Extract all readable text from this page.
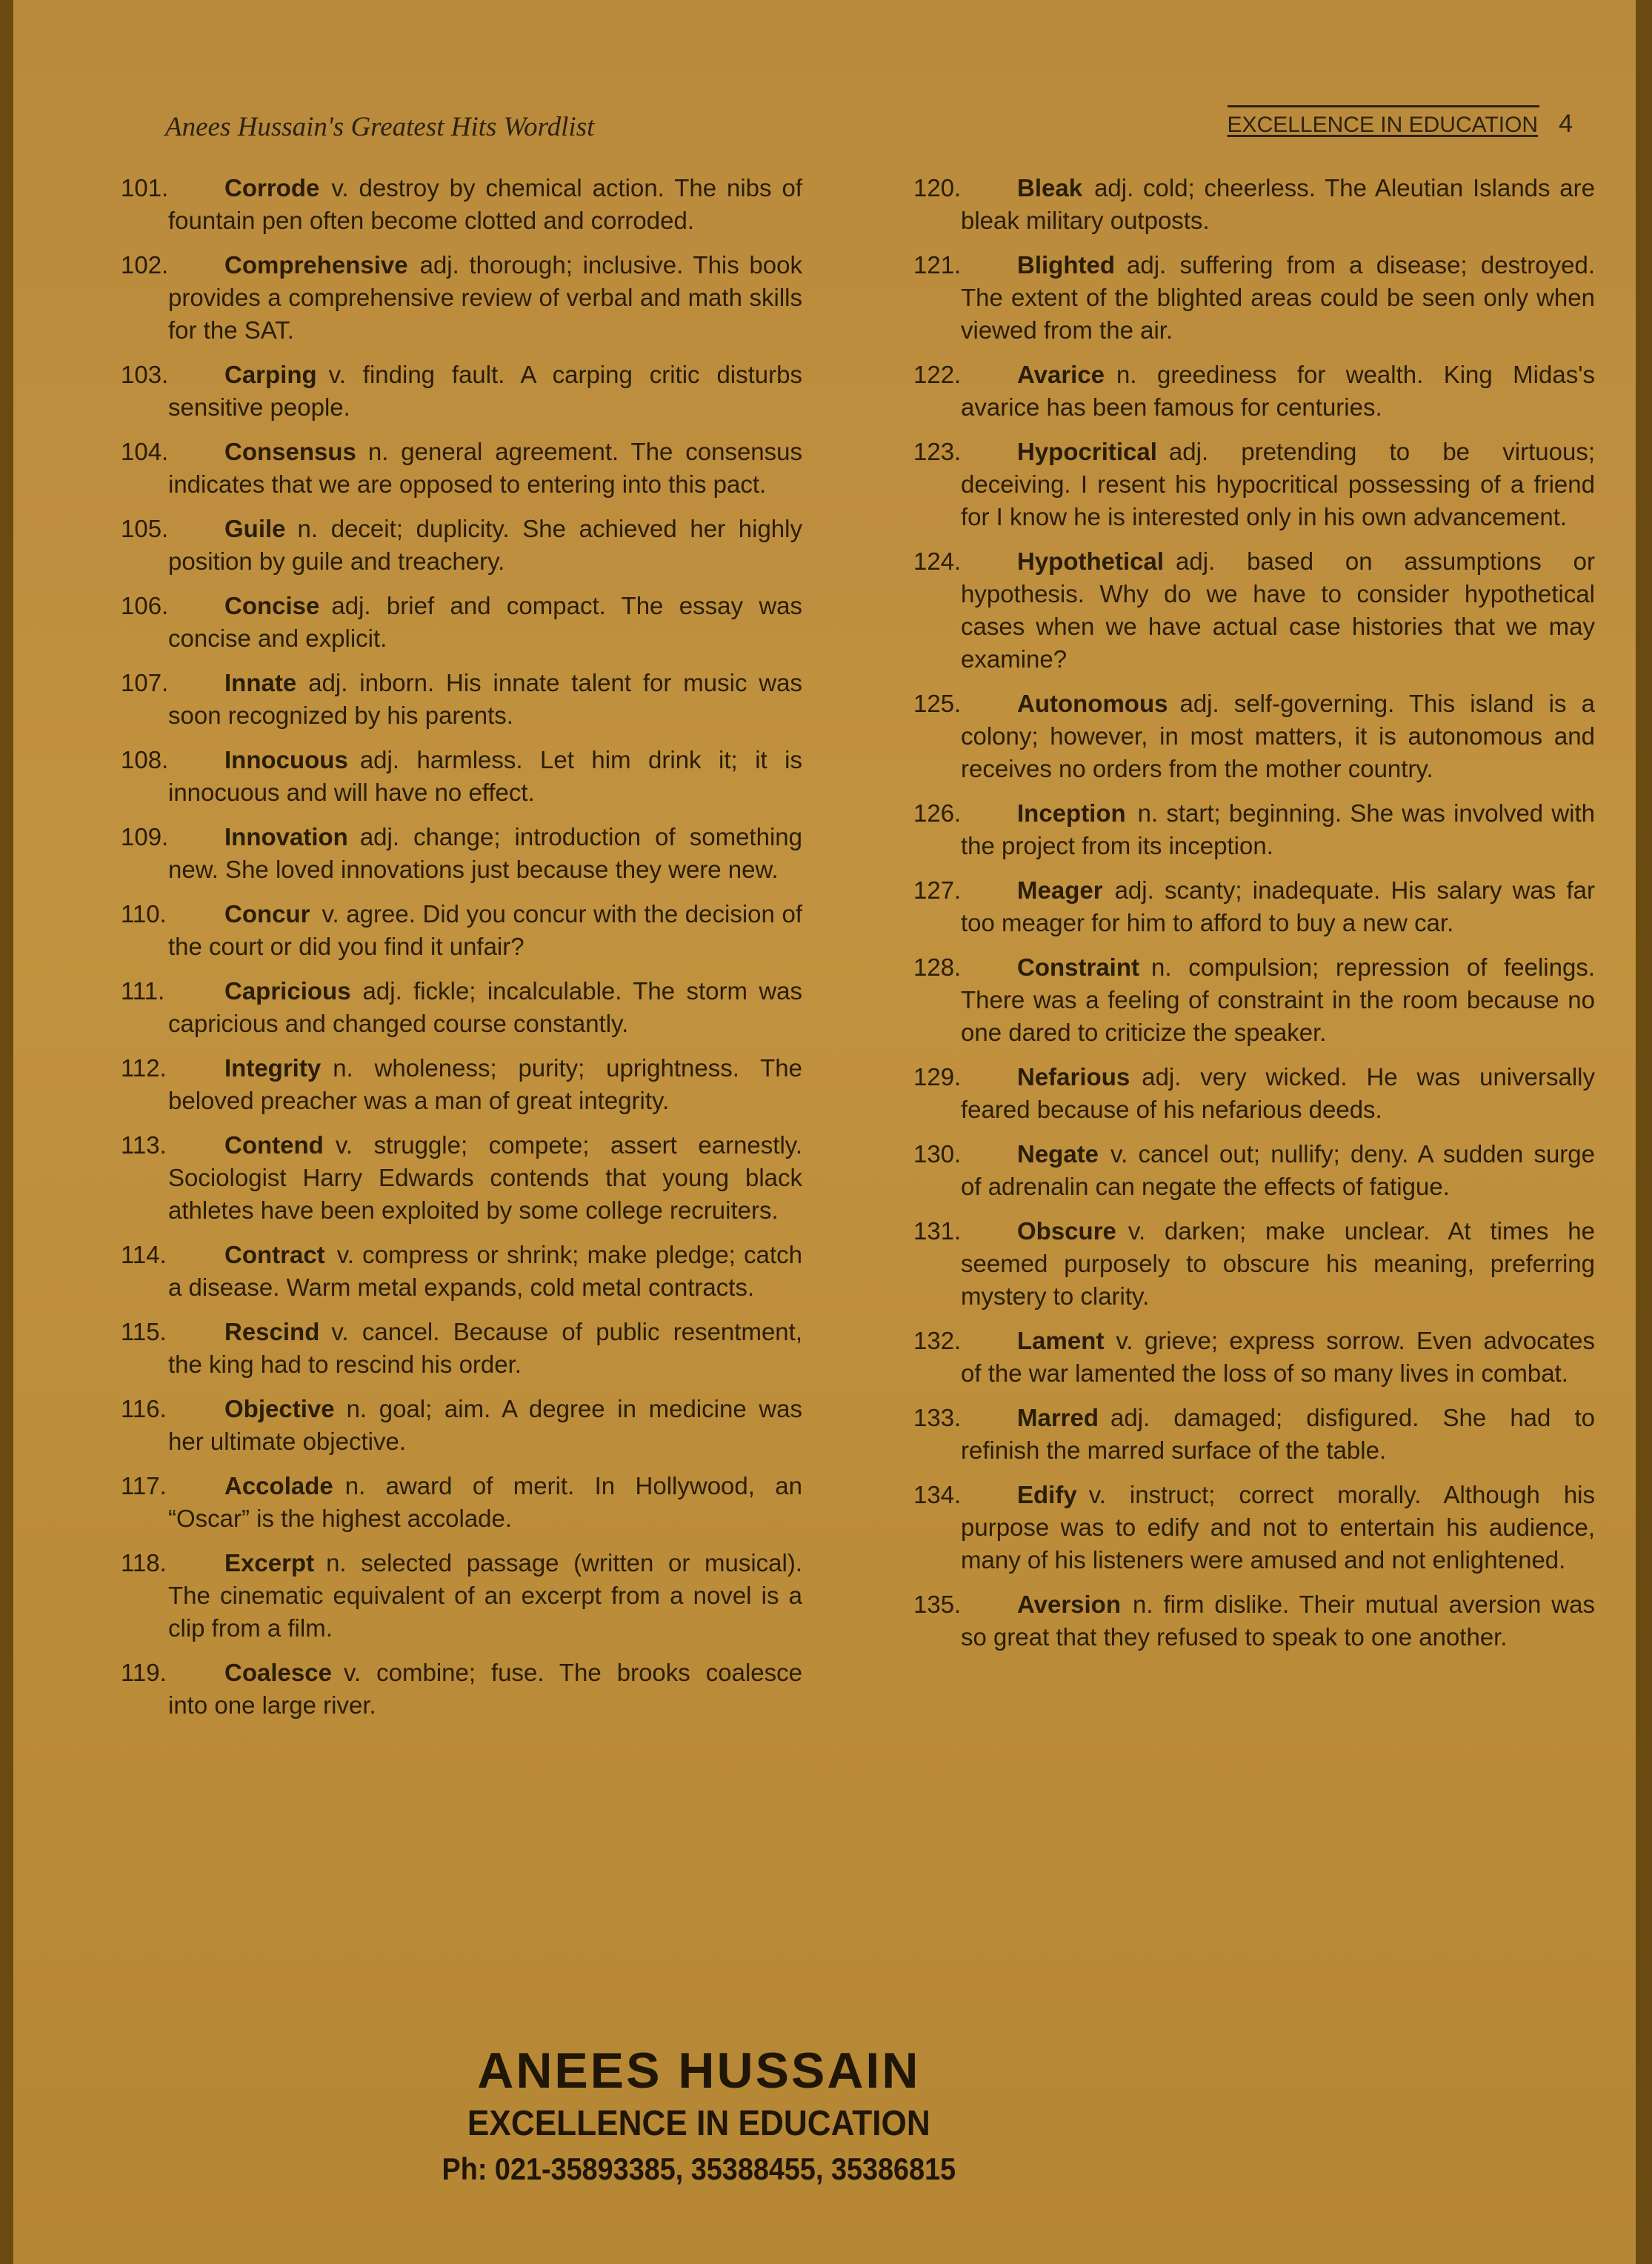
Anees Hussain's Greatest Hits Wordlist	EXCELLENCE IN EDUCATION 4
101. Corrode v. destroy by chemical action. The nibs of fountain pen often become clotted and corroded.
102. Comprehensive adj. thorough; inclusive. This book provides a comprehensive review of verbal and math skills for the SAT.
103. Carping v. finding fault. A carping critic disturbs sensitive people.
104. Consensus n. general agreement. The consensus indicates that we are opposed to entering into this pact.
105. Guile n. deceit; duplicity. She achieved her highly position by guile and treachery.
106. Concise adj. brief and compact. The essay was concise and explicit.
107. Innate adj. inborn. His innate talent for music was soon recognized by his parents.
108. Innocuous adj. harmless. Let him drink it; it is innocuous and will have no effect.
109. Innovation adj. change; introduction of something new. She loved innovations just because they were new.
110. Concur v. agree. Did you concur with the decision of the court or did you find it unfair?
111. Capricious adj. fickle; incalculable. The storm was capricious and changed course constantly.
112. Integrity n. wholeness; purity; uprightness. The beloved preacher was a man of great integrity.
113. Contend v. struggle; compete; assert earnestly. Sociologist Harry Edwards contends that young black athletes have been exploited by some college recruiters.
114. Contract v. compress or shrink; make pledge; catch a disease. Warm metal expands, cold metal contracts.
115. Rescind v. cancel. Because of public resentment, the king had to rescind his order.
116. Objective n. goal; aim. A degree in medicine was her ultimate objective.
117. Accolade n. award of merit. In Hollywood, an “Oscar” is the highest accolade.
118. Excerpt n. selected passage (written or musical). The cinematic equivalent of an excerpt from a novel is a clip from a film.
119. Coalesce v. combine; fuse. The brooks coalesce into one large river.
120. Bleak adj. cold; cheerless. The Aleutian Islands are bleak military outposts.
121. Blighted adj. suffering from a disease; destroyed. The extent of the blighted areas could be seen only when viewed from the air.
122. Avarice n. greediness for wealth. King Midas's avarice has been famous for centuries.
123. Hypocritical adj. pretending to be virtuous; deceiving. I resent his hypocritical possessing of a friend for I know he is interested only in his own advancement.
124. Hypothetical adj. based on assumptions or hypothesis. Why do we have to consider hypothetical cases when we have actual case histories that we may examine?
125. Autonomous adj. self-governing. This island is a colony; however, in most matters, it is autonomous and receives no orders from the mother country.
126. Inception n. start; beginning. She was involved with the project from its inception.
127. Meager adj. scanty; inadequate. His salary was far too meager for him to afford to buy a new car.
128. Constraint n. compulsion; repression of feelings. There was a feeling of constraint in the room because no one dared to criticize the speaker.
129. Nefarious adj. very wicked. He was universally feared because of his nefarious deeds.
130. Negate v. cancel out; nullify; deny. A sudden surge of adrenalin can negate the effects of fatigue.
131. Obscure v. darken; make unclear. At times he seemed purposely to obscure his meaning, preferring mystery to clarity.
132. Lament v. grieve; express sorrow. Even advocates of the war lamented the loss of so many lives in combat.
133. Marred adj. damaged; disfigured. She had to refinish the marred surface of the table.
134. Edify v. instruct; correct morally. Although his purpose was to edify and not to entertain his audience, many of his listeners were amused and not enlightened.
135. Aversion n. firm dislike. Their mutual aversion was so great that they refused to speak to one another.
ANEES HUSSAIN
EXCELLENCE IN EDUCATION
Ph: 021-35893385, 35388455, 35386815
